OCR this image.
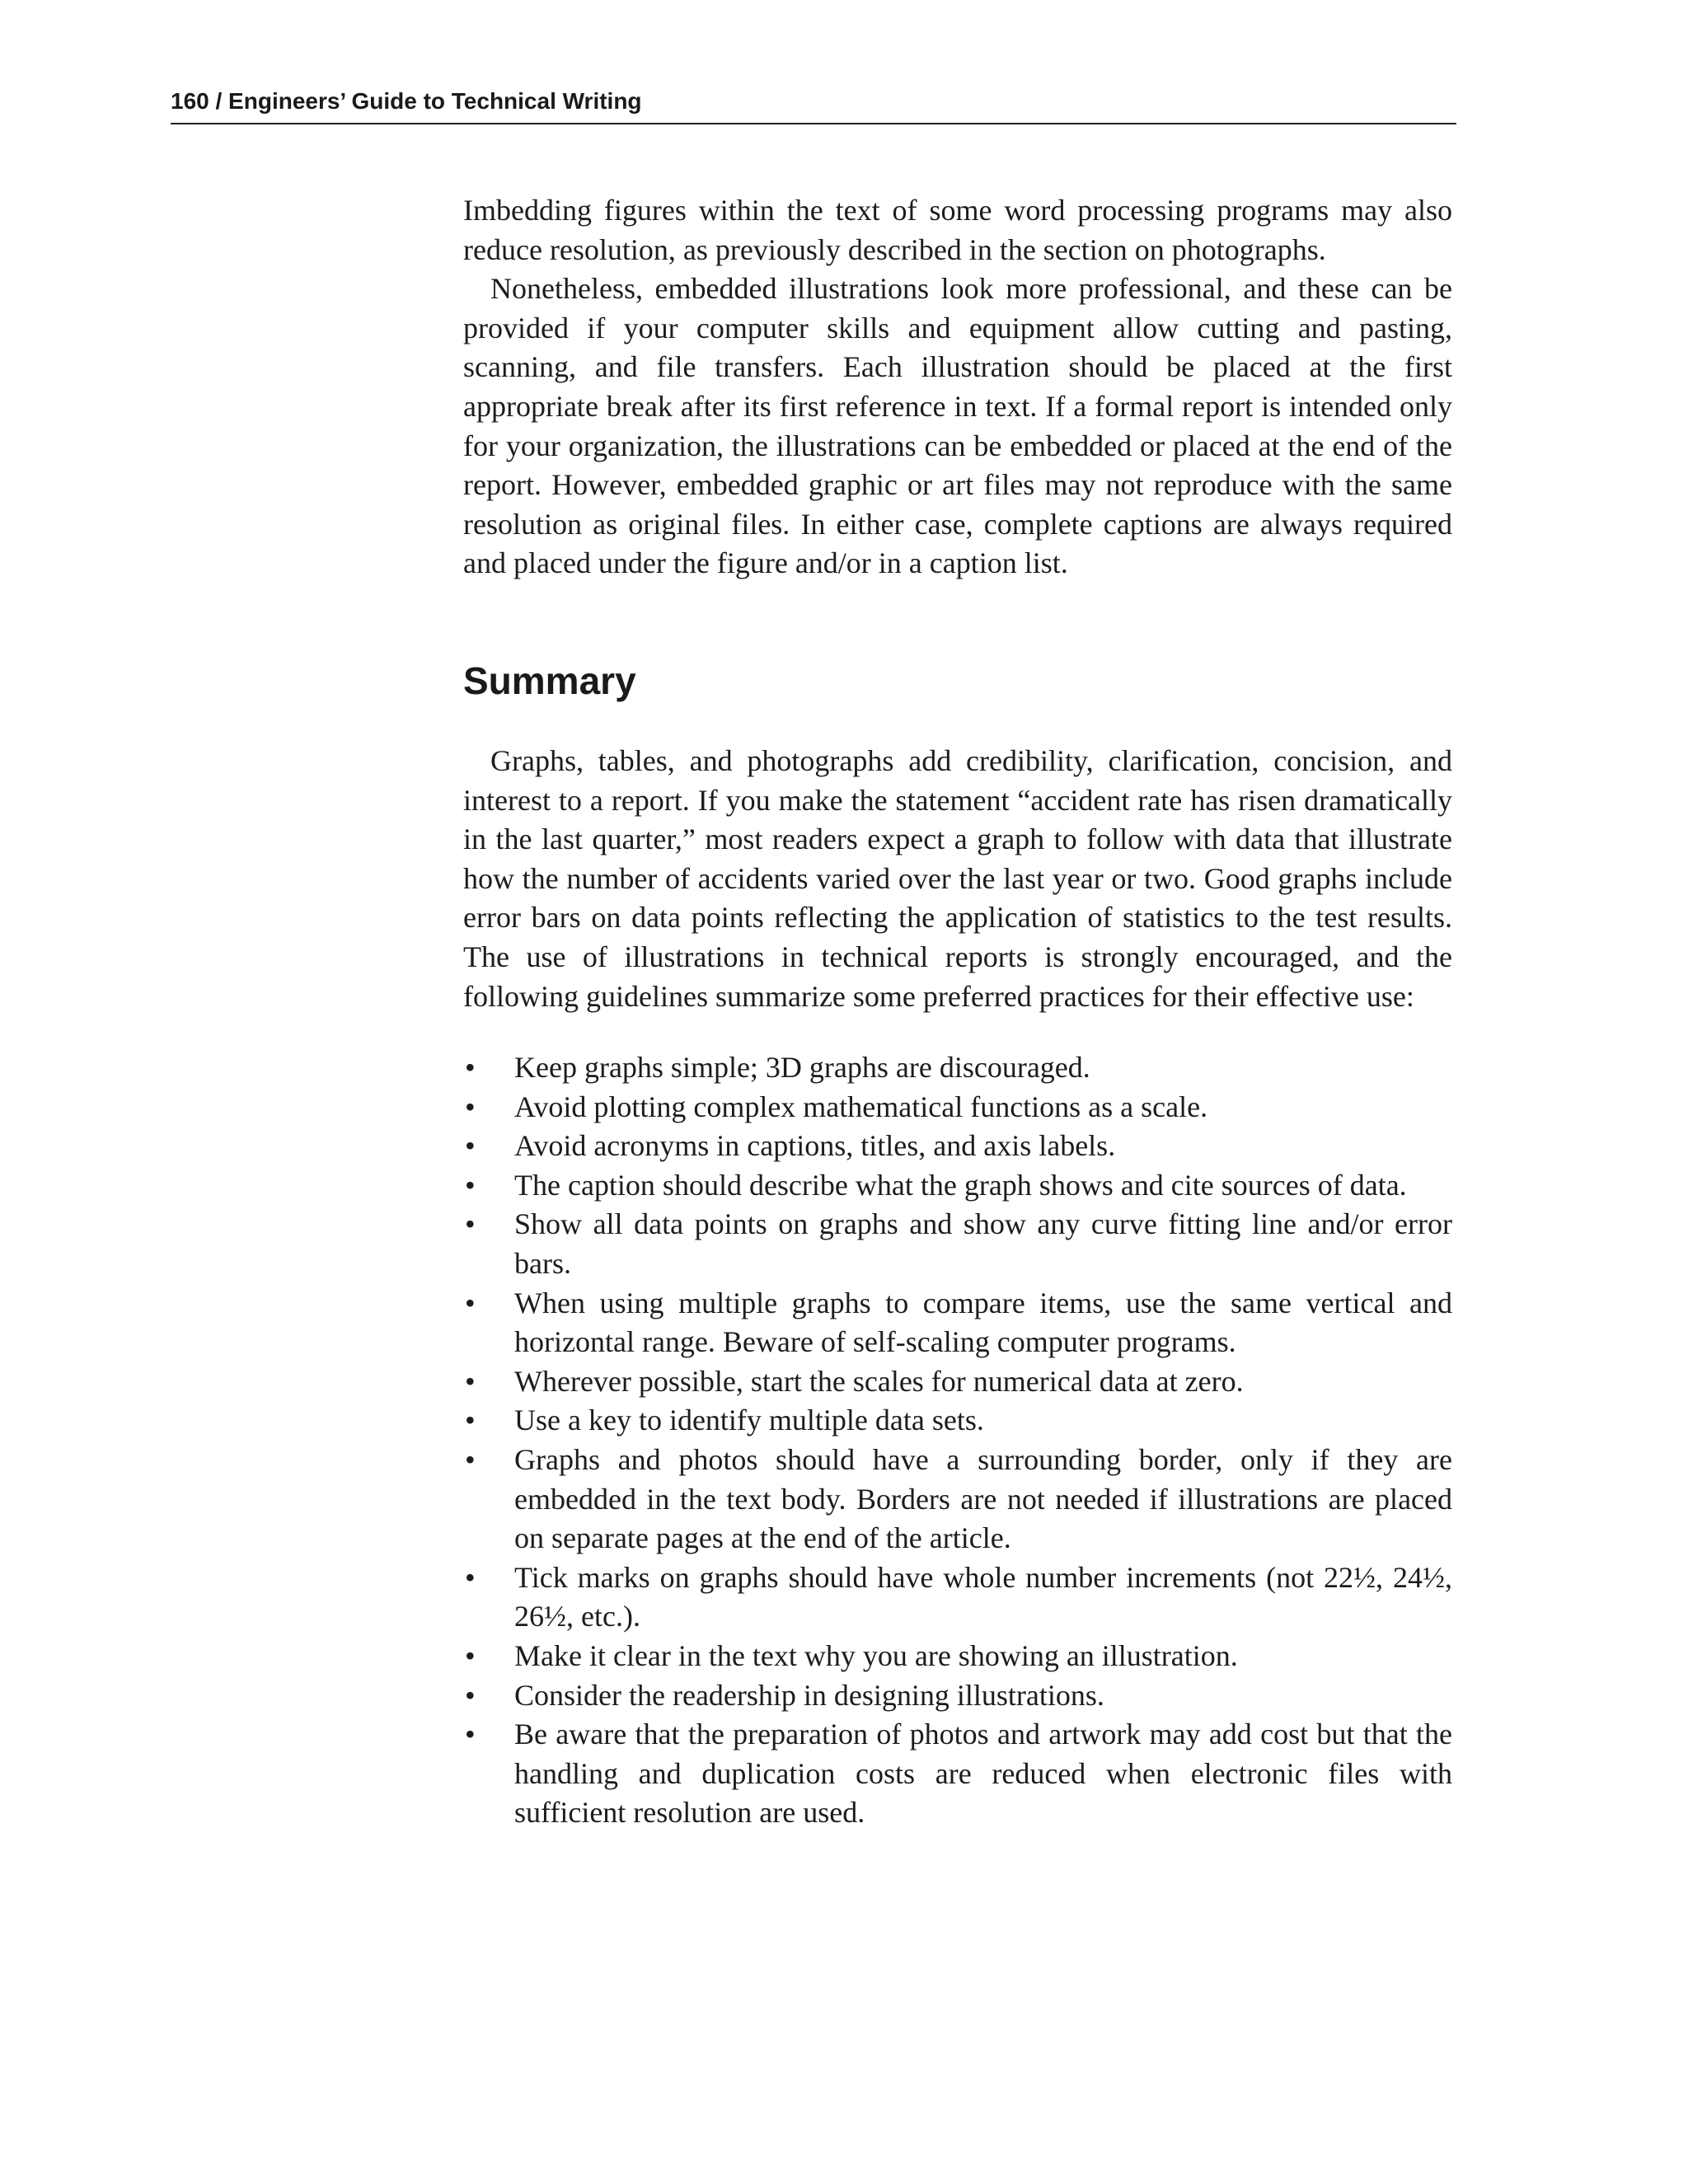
160 / Engineers’ Guide to Technical Writing

Imbedding figures within the text of some word processing programs may also reduce resolution, as previously described in the section on photographs.

Nonetheless, embedded illustrations look more professional, and these can be provided if your computer skills and equipment allow cutting and pasting, scanning, and file transfers. Each illustration should be placed at the first appropriate break after its first reference in text. If a formal report is intended only for your organization, the illustrations can be embedded or placed at the end of the report. However, embedded graphic or art files may not reproduce with the same resolution as original files. In either case, complete captions are always required and placed under the figure and/or in a caption list.

Summary

Graphs, tables, and photographs add credibility, clarification, concision, and interest to a report. If you make the statement “accident rate has risen dramatically in the last quarter,” most readers expect a graph to follow with data that illustrate how the number of accidents varied over the last year or two. Good graphs include error bars on data points reflecting the application of statistics to the test results. The use of illustrations in technical reports is strongly encouraged, and the following guidelines summarize some preferred practices for their effective use:

• Keep graphs simple; 3D graphs are discouraged.
• Avoid plotting complex mathematical functions as a scale.
• Avoid acronyms in captions, titles, and axis labels.
• The caption should describe what the graph shows and cite sources of data.
• Show all data points on graphs and show any curve fitting line and/or error bars.
• When using multiple graphs to compare items, use the same vertical and horizontal range. Beware of self-scaling computer programs.
• Wherever possible, start the scales for numerical data at zero.
• Use a key to identify multiple data sets.
• Graphs and photos should have a surrounding border, only if they are embedded in the text body. Borders are not needed if illustrations are placed on separate pages at the end of the article.
• Tick marks on graphs should have whole number increments (not 22½, 24½, 26½, etc.).
• Make it clear in the text why you are showing an illustration.
• Consider the readership in designing illustrations.
• Be aware that the preparation of photos and artwork may add cost but that the handling and duplication costs are reduced when electronic files with sufficient resolution are used.
